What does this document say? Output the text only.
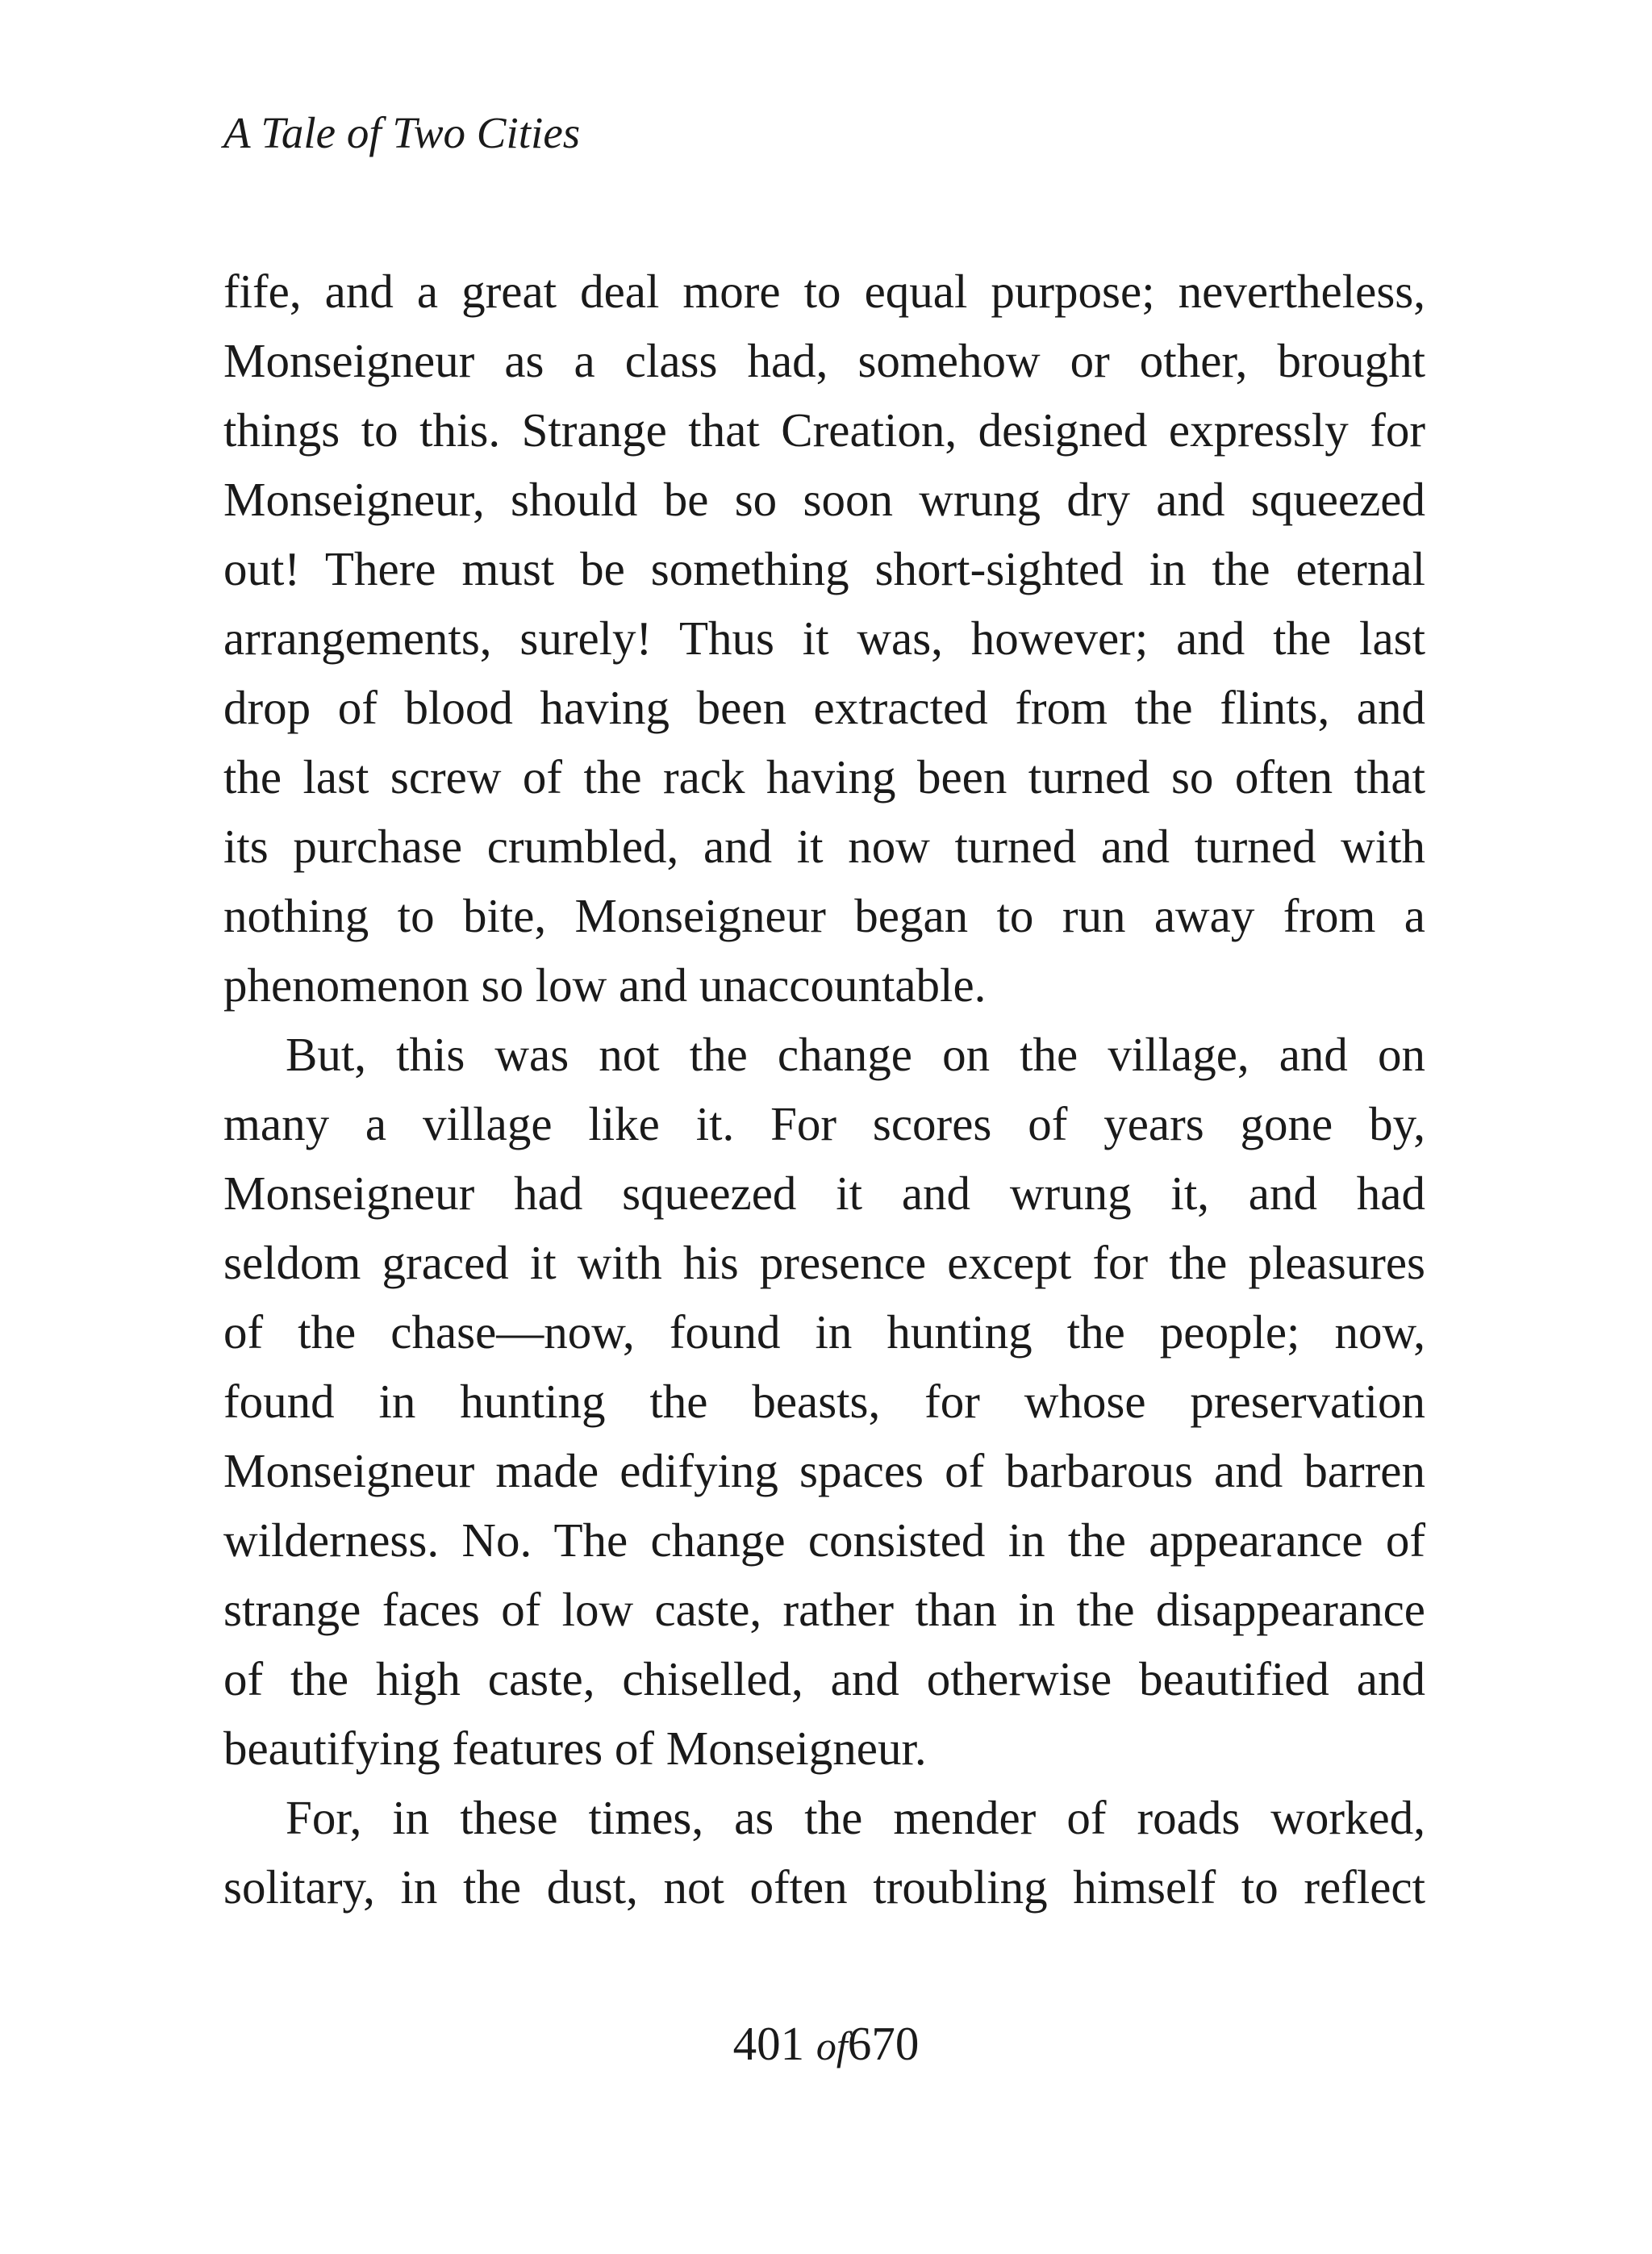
A Tale of Two Cities
fife, and a great deal more to equal purpose; nevertheless,
Monseigneur as a class had, somehow or other, brought
things to this. Strange that Creation, designed expressly for
Monseigneur, should be so soon wrung dry and squeezed
out! There must be something short-sighted in the eternal
arrangements, surely! Thus it was, however; and the last
drop of blood having been extracted from the flints, and
the last screw of the rack having been turned so often that
its purchase crumbled, and it now turned and turned with
nothing to bite, Monseigneur began to run away from a
phenomenon so low and unaccountable.
But, this was not the change on the village, and on
many a village like it. For scores of years gone by,
Monseigneur had squeezed it and wrung it, and had
seldom graced it with his presence except for the pleasures
of the chase—now, found in hunting the people; now,
found in hunting the beasts, for whose preservation
Monseigneur made edifying spaces of barbarous and barren
wilderness. No. The change consisted in the appearance of
strange faces of low caste, rather than in the disappearance
of the high caste, chiselled, and otherwise beautified and
beautifying features of Monseigneur.
For, in these times, as the mender of roads worked,
solitary, in the dust, not often troubling himself to reflect
401 of670
